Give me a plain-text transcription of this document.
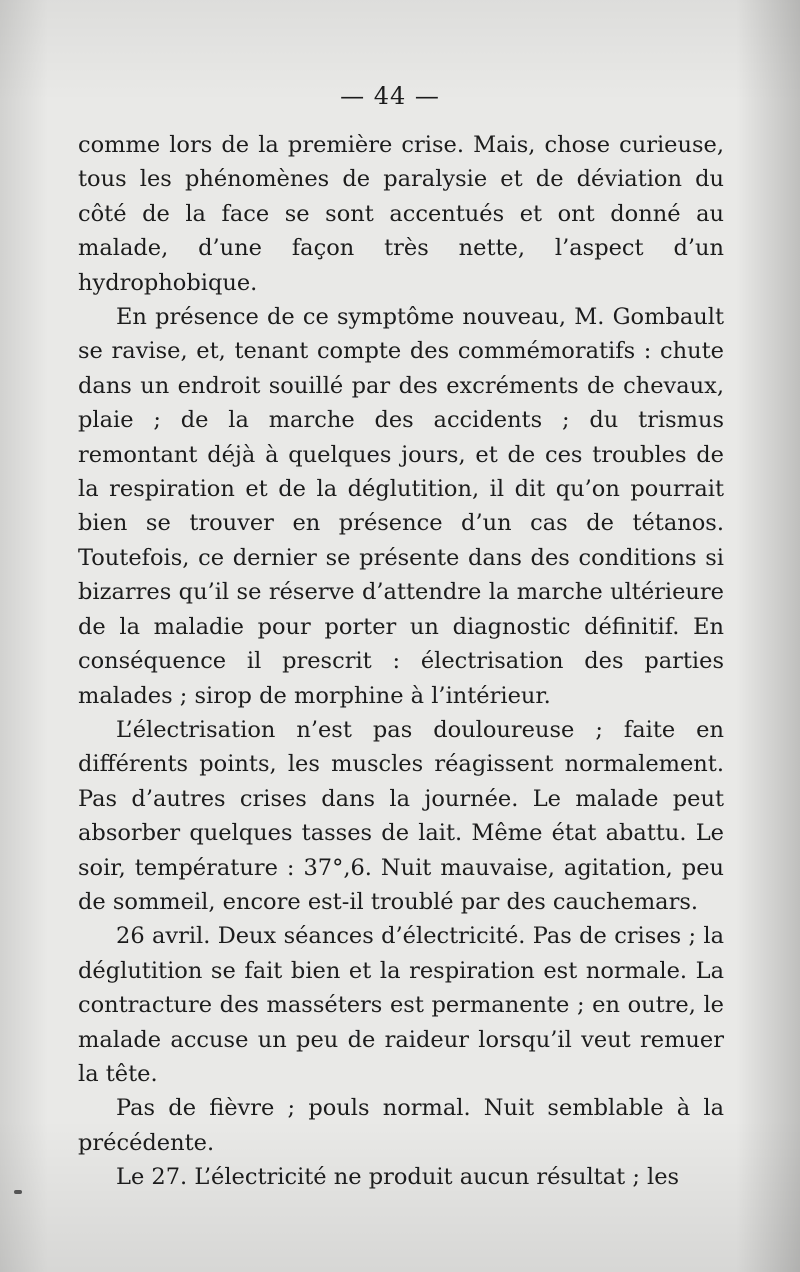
— 44 —

comme lors de la première crise. Mais, chose curieuse, tous les phénomènes de paralysie et de déviation du côté de la face se sont accentués et ont donné au malade, d’une façon très nette, l’aspect d’un hydrophobique.

En présence de ce symptôme nouveau, M. Gombault se ravise, et, tenant compte des commémoratifs : chute dans un endroit souillé par des excréments de chevaux, plaie ; de la marche des accidents ; du trismus remontant déjà à quelques jours, et de ces troubles de la respiration et de la déglutition, il dit qu’on pourrait bien se trouver en présence d’un cas de tétanos. Toutefois, ce dernier se présente dans des conditions si bizarres qu’il se réserve d’attendre la marche ultérieure de la maladie pour porter un diagnostic définitif. En conséquence il prescrit : électrisation des parties malades ; sirop de morphine à l’intérieur.

L’électrisation n’est pas douloureuse ; faite en différents points, les muscles réagissent normalement. Pas d’autres crises dans la journée. Le malade peut absorber quelques tasses de lait. Même état abattu. Le soir, température : 37°,6. Nuit mauvaise, agitation, peu de sommeil, encore est-il troublé par des cauchemars.

26 avril. Deux séances d’électricité. Pas de crises ; la déglutition se fait bien et la respiration est normale. La contracture des masséters est permanente ; en outre, le malade accuse un peu de raideur lorsqu’il veut remuer la tête.

Pas de fièvre ; pouls normal. Nuit semblable à la précédente.

Le 27. L’électricité ne produit aucun résultat ; les
